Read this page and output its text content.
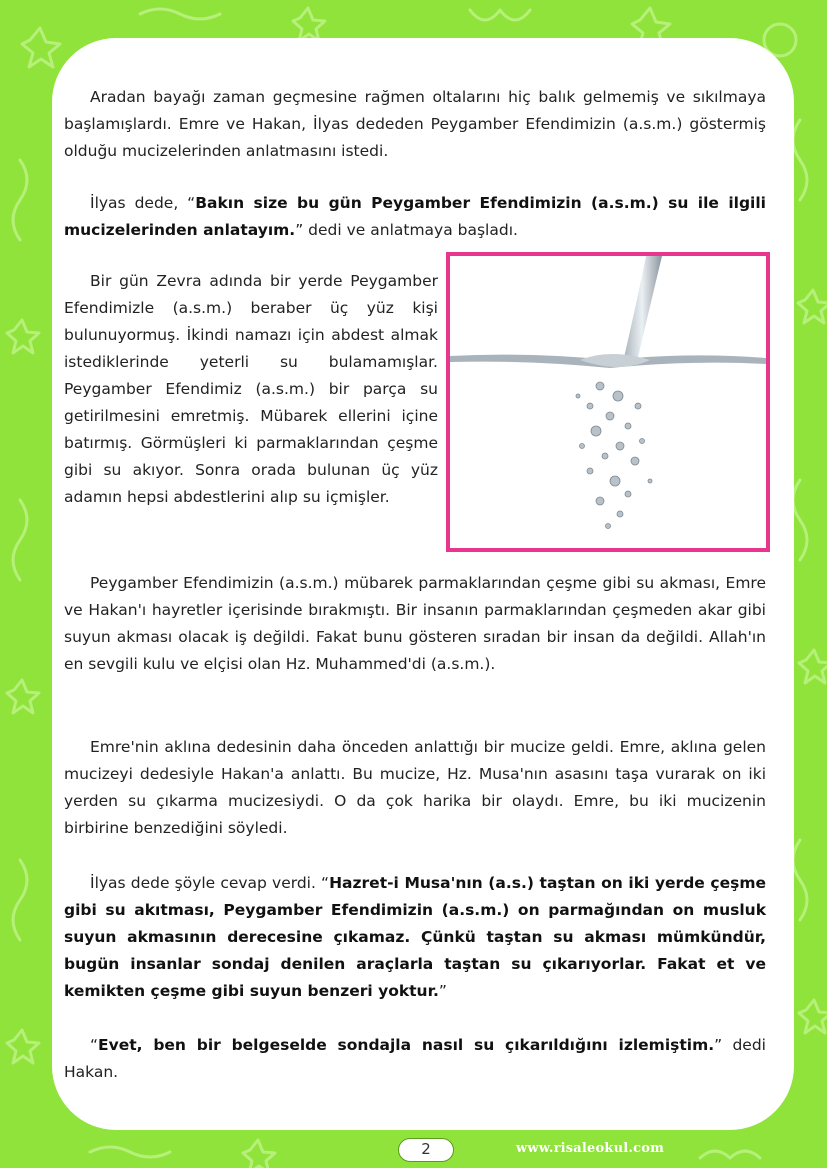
Aradan bayağı zaman geçmesine rağmen oltalarını hiç balık gelmemiş ve sıkılmaya başlamışlardı. Emre ve Hakan, İlyas dededen Peygamber Efendimizin (a.s.m.) göstermiş olduğu mucizelerinden anlatmasını istedi.

İlyas dede, “Bakın size bu gün Peygamber Efendimizin (a.s.m.) su ile ilgili mucizelerinden anlatayım.” dedi ve anlatmaya başladı.

Bir gün Zevra adında bir yerde Peygamber Efendimizle (a.s.m.) beraber üç yüz kişi bulunuyormuş. İkindi namazı için abdest almak istediklerinde yeterli su bulamamışlar. Peygamber Efendimiz (a.s.m.) bir parça su getirilmesini emretmiş. Mübarek ellerini içine batırmış. Görmüşleri ki parmaklarından çeşme gibi su akıyor. Sonra orada bulunan üç yüz adamın hepsi abdestlerini alıp su içmişler.

Peygamber Efendimizin (a.s.m.) mübarek parmaklarından çeşme gibi su akması, Emre ve Hakan'ı hayretler içerisinde bırakmıştı. Bir insanın parmaklarından çeşmeden akar gibi suyun akması olacak iş değildi. Fakat bunu gösteren sıradan bir insan da değildi. Allah'ın en sevgili kulu ve elçisi olan Hz. Muhammed'di (a.s.m.).

Emre'nin aklına dedesinin daha önceden anlattığı bir mucize geldi. Emre, aklına gelen mucizeyi dedesiyle Hakan'a anlattı. Bu mucize, Hz. Musa'nın asasını taşa vurarak on iki yerden su çıkarma mucizesiydi. O da çok harika bir olaydı. Emre, bu iki mucizenin birbirine benzediğini söyledi.

İlyas dede şöyle cevap verdi. “Hazret-i Musa'nın (a.s.) taştan on iki yerde çeşme gibi su akıtması, Peygamber Efendimizin (a.s.m.) on parmağından on musluk suyun akmasının derecesine çıkamaz. Çünkü taştan su akması mümkündür, bugün insanlar sondaj denilen araçlarla taştan su çıkarıyorlar. Fakat et ve kemikten çeşme gibi suyun benzeri yoktur.”

“Evet, ben bir belgeselde sondajla nasıl su çıkarıldığını izlemiştim.” dedi Hakan.

2	www.risaleokul.com
